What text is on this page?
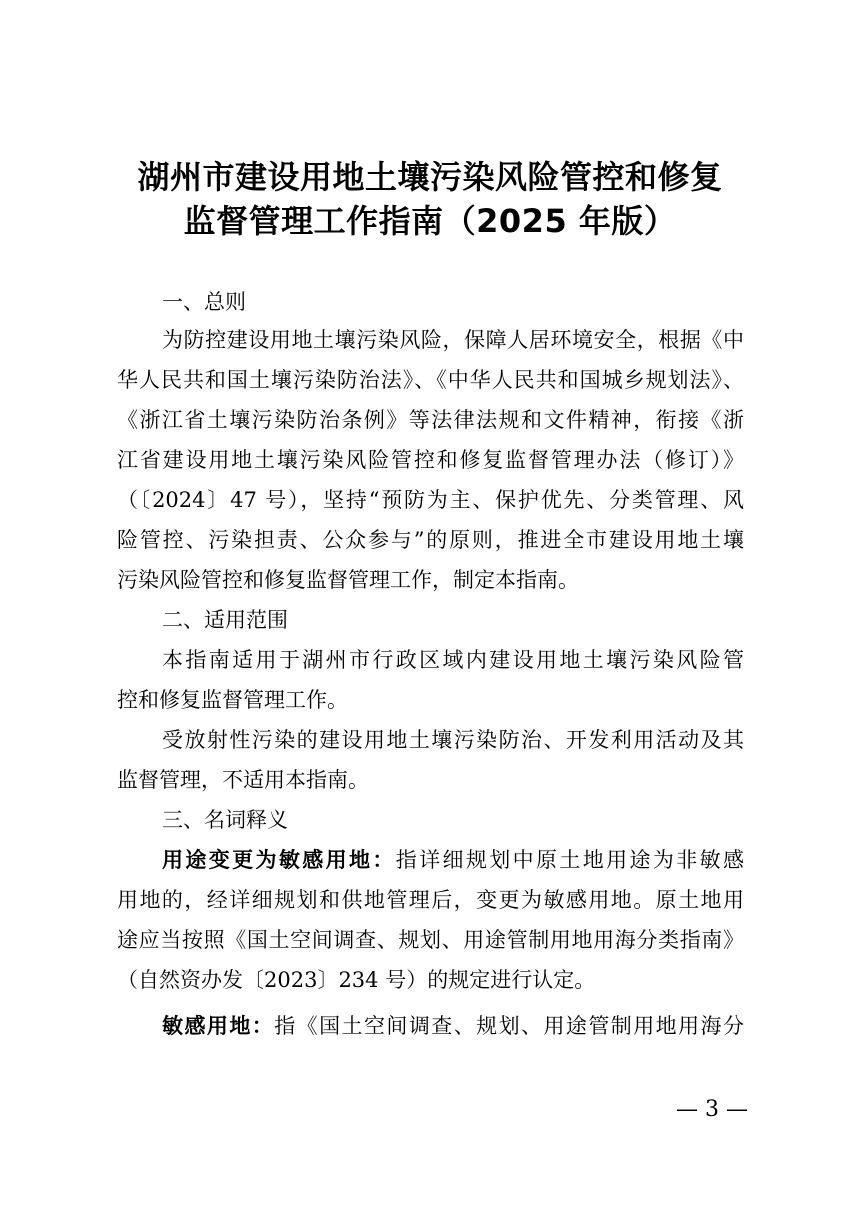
湖州市建设用地土壤污染风险管控和修复
监督管理工作指南（2025 年版）
一、总则
为防控建设用地土壤污染风险，保障人居环境安全，根据《中
华人民共和国土壤污染防治法》、《中华人民共和国城乡规划法》、
《浙江省土壤污染防治条例》等法律法规和文件精神，衔接《浙
江省建设用地土壤污染风险管控和修复监督管理办法（修订）》
（〔2024〕47 号），坚持“预防为主、保护优先、分类管理、风
险管控、污染担责、公众参与”的原则，推进全市建设用地土壤
污染风险管控和修复监督管理工作，制定本指南。
二、适用范围
本指南适用于湖州市行政区域内建设用地土壤污染风险管
控和修复监督管理工作。
受放射性污染的建设用地土壤污染防治、开发利用活动及其
监督管理，不适用本指南。
三、名词释义
用途变更为敏感用地：指详细规划中原土地用途为非敏感
用地的，经详细规划和供地管理后，变更为敏感用地。原土地用
途应当按照《国土空间调查、规划、用途管制用地用海分类指南》
（自然资办发〔2023〕234 号）的规定进行认定。
敏感用地：指《国土空间调查、规划、用途管制用地用海分
— 3 —
